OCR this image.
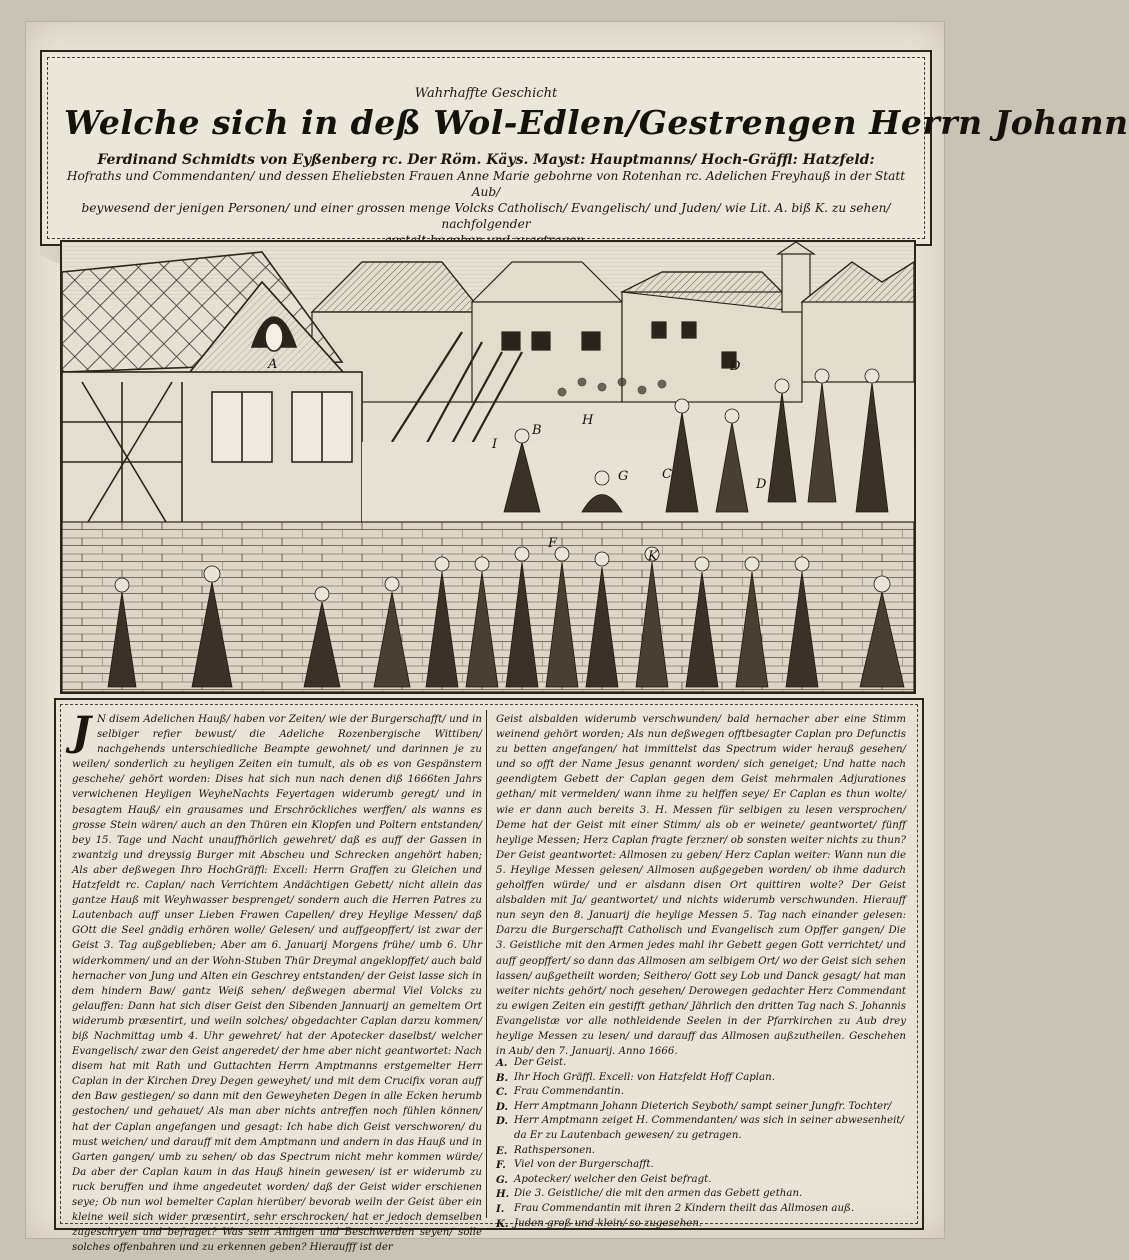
Wahrhaffte Geschicht
Welche sich in deß Wol-Edlen/Gestrengen Herrn Johann
Ferdinand Schmidts von Eyßenberg rc. Der Röm. Käys. Mayst: Hauptmanns/ Hoch-Gräffl: Hatzfeld:
Hofraths und Commendanten/ und dessen Eheliebsten Frauen Anne Marie gebohrne von Rotenhan rc. Adelichen Freyhauß in der Statt Aub/
beywesend der jenigen Personen/ und einer grossen menge Volcks Catholisch/ Evangelisch/ und Juden/ wie Lit. A. biß K. zu sehen/ nachfolgender
A
B
C
D
D
F
G
H
I
K
J N disem Adelichen Hauß/ haben vor Zeiten/ wie der Burgerschafft/ und in selbiger refier bewust/ die Adeliche Rozenbergische Wittiben/ nachgehends unterschiedliche Beampte gewohnet/ und darinnen je zu weilen/ sonderlich zu heyligen Zeiten ein tumult, als ob es von Gespänstern geschehe/ gehört worden: Dises hat sich nun nach denen diß 1666ten Jahrs verwichenen Heyligen WeyheNachts Feyertagen widerumb geregt/ und in besagtem Hauß/ ein grausames und Erschröckliches werffen/ als wanns es grosse Stein wären/ auch an den Thüren ein Klopfen und Poltern entstanden/ bey 15. Tage und Nacht unauffhörlich gewehret/ daß es auff der Gassen in zwantzig und dreyssig Burger mit Abscheu und Schrecken angehört haben; Als aber deßwegen Ihro HochGräffl: Excell: Herrn Graffen zu Gleichen und Hatzfeldt rc. Caplan/ nach Verrichtem Andächtigen Gebett/ nicht allein das gantze Hauß mit Weyhwasser besprenget/ sondern auch die Herren Patres zu Lautenbach auff unser Lieben Frawen Capellen/ drey Heylige Messen/ daß GOtt die Seel gnädig erhören wolle/ Gelesen/ und auffgeopffert/ ist zwar der Geist 3. Tag außgeblieben; Aber am 6. Januarij Morgens frühe/ umb 6. Uhr widerkommen/ und an der Wohn-Stuben Thür Dreymal angeklopffet/ auch bald hernacher von Jung und Alten ein Geschrey entstanden/ der Geist lasse sich in dem hindern Baw/ gantz Weiß sehen/ deßwegen abermal Viel Volcks zu gelauffen: Dann hat sich diser Geist den Sibenden Jannuarij an gemeltem Ort widerumb præsentirt, und weiln solches/ obgedachter Caplan darzu kommen/ biß Nachmittag umb 4. Uhr gewehret/ hat der Apotecker daselbst/ welcher Evangelisch/ zwar den Geist angeredet/ der hme aber nicht geantwortet: Nach disem hat mit Rath und Guttachten Herrn Amptmanns erstgemelter Herr Caplan in der Kirchen Drey Degen geweyhet/ und mit dem Crucifix voran auff den Baw gestiegen/ so dann mit den Geweyheten Degen in alle Ecken herumb gestochen/ und gehauet/ Als man aber nichts antreffen noch fühlen können/ hat der Caplan angefangen und gesagt: Ich habe dich Geist verschworen/ du must weichen/ und darauff mit dem Amptmann und andern in das Hauß und in Garten gangen/ umb zu sehen/ ob das Spectrum nicht mehr kommen würde/ Da aber der Caplan kaum in das Hauß hinein gewesen/ ist er widerumb zu ruck beruffen und ihme angedeutet worden/ daß der Geist wider erschienen seye; Ob nun wol bemelter Caplan hierüber/ bevorab weiln der Geist über ein kleine weil sich wider præsentirt, sehr erschrocken/ hat er jedoch demselben zugeschryen und befraget? Was sein Anligen und Beschwerden seyen/ solle solches offenbahren und zu erkennen geben? Hieraufff ist der
Geist alsbalden widerumb verschwunden/ bald hernacher aber eine Stimm weinend gehört worden; Als nun deßwegen offtbesagter Caplan pro Defunctis zu betten angefangen/ hat immittelst das Spectrum wider herauß gesehen/ und so offt der Name Jesus genannt worden/ sich geneiget; Und hatte nach geendigtem Gebett der Caplan gegen dem Geist mehrmalen Adjurationes gethan/ mit vermelden/ wann ihme zu helffen seye/ Er Caplan es thun wolte/ wie er dann auch bereits 3. H. Messen für selbigen zu lesen versprochen/ Deme hat der Geist mit einer Stimm/ als ob er weinete/ geantwortet/ fünff heylige Messen; Herz Caplan fragte ferzner/ ob sonsten weiter nichts zu thun? Der Geist geantwortet: Allmosen zu geben/ Herz Caplan weiter: Wann nun die 5. Heylige Messen gelesen/ Allmosen außgegeben worden/ ob ihme dadurch geholffen würde/ und er alsdann disen Ort quittiren wolte? Der Geist alsbalden mit Ja/ geantwortet/ und nichts widerumb verschwunden. Hierauff nun seyn den 8. Januarij die heylige Messen 5. Tag nach einander gelesen: Darzu die Burgerschafft Catholisch und Evangelisch zum Opffer gangen/ Die 3. Geistliche mit den Armen jedes mahl ihr Gebett gegen Gott verrichtet/ und auff geopffert/ so dann das Allmosen am selbigem Ort/ wo der Geist sich sehen lassen/ außgetheilt worden; Seithero/ Gott sey Lob und Danck gesagt/ hat man weiter nichts gehört/ noch gesehen/ Derowegen gedachter Herz Commendant zu ewigen Zeiten ein gestifft gethan/ Jährlich den dritten Tag nach S. Johannis Evangelistæ vor alle nothleidende Seelen in der Pfarrkirchen zu Aub drey heylige Messen zu lesen/ und darauff das Allmosen außzutheilen. Geschehen in Aub/ den 7. Januarij. Anno 1666.
A. Der Geist.
B. Ihr Hoch Gräffl. Excell: von Hatzfeldt Hoff Caplan.
C. Frau Commendantin.
D. Herr Amptmann Johann Dieterich Seyboth/ sampt seiner Jungfr. Tochter/
D. Herr Amptmann zeiget H. Commendanten/ was sich in seiner abwesenheit/ da Er zu Lautenbach gewesen/ zu getragen.
E. Rathspersonen.
F. Viel von der Burgerschafft.
G. Apotecker/ welcher den Geist befragt.
H. Die 3. Geistliche/ die mit den armen das Gebett gethan.
I. Frau Commendantin mit ihren 2 Kindern theilt das Allmosen auß.
K. Juden groß und klein/ so zugesehen.
